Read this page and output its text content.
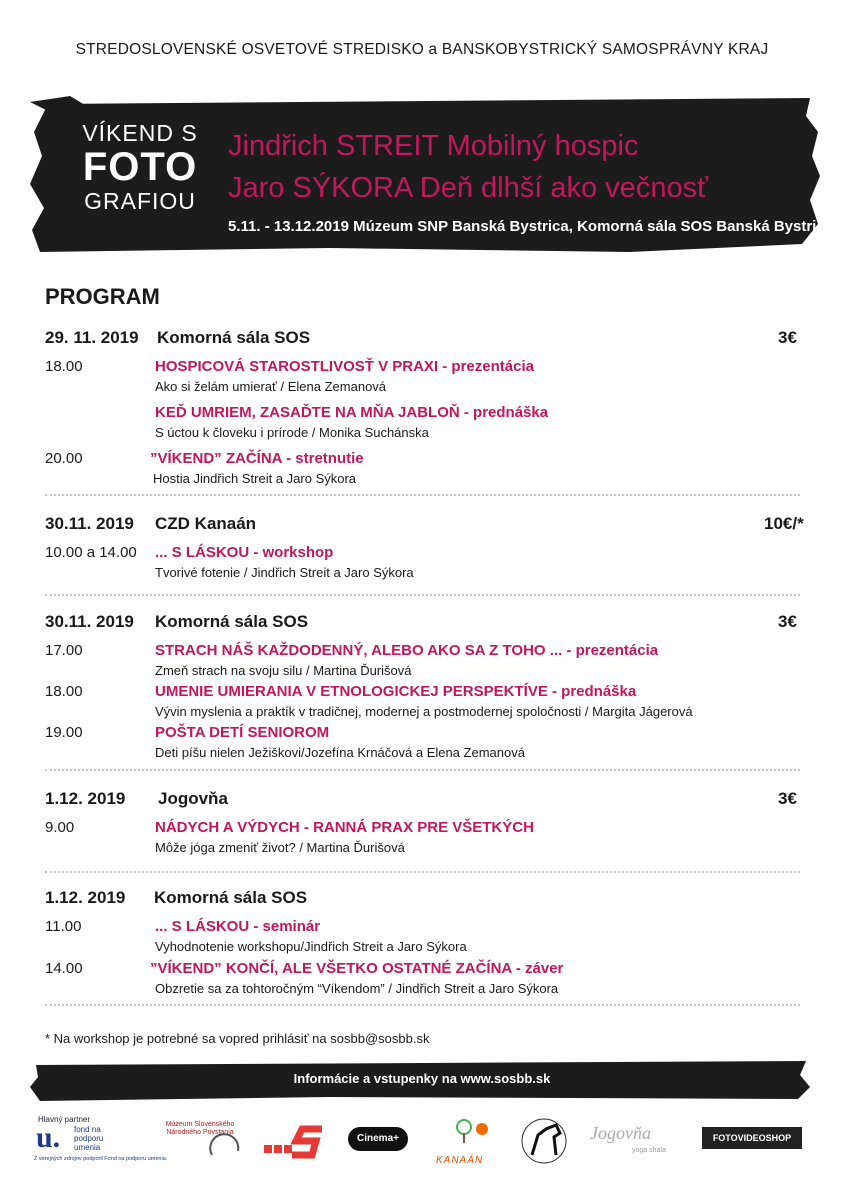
STREDOSLOVENSKÉ OSVETOVÉ STREDISKO a BANSKOBYSTRICKÝ SAMOSPRÁVNY KRAJ
VÍKEND S
FOTO
GRAFIOU
Jindřich STREIT Mobilný hospic
Jaro SÝKORA Deň dlhší ako večnosť
5.11. - 13.12.2019 Múzeum SNP Banská Bystrica, Komorná sála SOS Banská Bystrica
PROGRAM
29. 11. 2019 Komorná sála SOS	3€
18.00	HOSPICOVÁ STAROSTLIVOSŤ V PRAXI - prezentácia
Ako si želám umierať / Elena Zemanová
KEĎ UMRIEM, ZASAĎTE NA MŇA JABLOŇ - prednáška
S úctou k človeku i prírode / Monika Suchánska
20.00	”VÍKEND” ZAČÍNA - stretnutie
Hostia Jindřich Streit a Jaro Sýkora
30.11. 2019 CZD Kanaán	10€/*
10.00 a 14.00 ... S LÁSKOU - workshop
Tvorivé fotenie / Jindřich Streit a Jaro Sýkora
30.11. 2019 Komorná sála SOS	3€
17.00	STRACH NÁŠ KAŽDODENNÝ, ALEBO AKO SA Z TOHO ... - prezentácia
Zmeň strach na svoju silu / Martina Ďurišová
18.00	UMENIE UMIERANIA V ETNOLOGICKEJ PERSPEKTÍVE - prednáška
Vývin myslenia a praktík v tradičnej, modernej a postmodernej spoločnosti / Margita Jágerová
19.00	POŠTA DETÍ SENIOROM
Deti píšu nielen Ježiškovi/Jozefína Krnáčová a Elena Zemanová
1.12. 2019 Jogovňa	3€
9.00	NÁDYCH A VÝDYCH - RANNÁ PRAX PRE VŠETKÝCH
Môže jóga zmeniť život? / Martina Ďurišová
1.12. 2019 Komorná sála SOS
11.00	... S LÁSKOU - seminár
Vyhodnotenie workshopu/Jindřich Streit a Jaro Sýkora
14.00	”VÍKEND” KONČÍ, ALE VŠETKO OSTATNÉ ZAČÍNA - záver
Obzretie sa za tohtoročným “Víkendom” / Jindřich Streit a Jaro Sýkora
* Na workshop je potrebné sa vopred prihlásiť na sosbb@sosbb.sk
Informácie a vstupenky na www.sosbb.sk
Hlavný partner
u. fond na podporu umenia
Z verejných zdrojov podporil Fond na podporu umenia.
Múzeum Slovenského Národného Povstania
Cinema+
KANAÁN
Jogovňa
yoga shala
FOTOVIDEOSHOP
